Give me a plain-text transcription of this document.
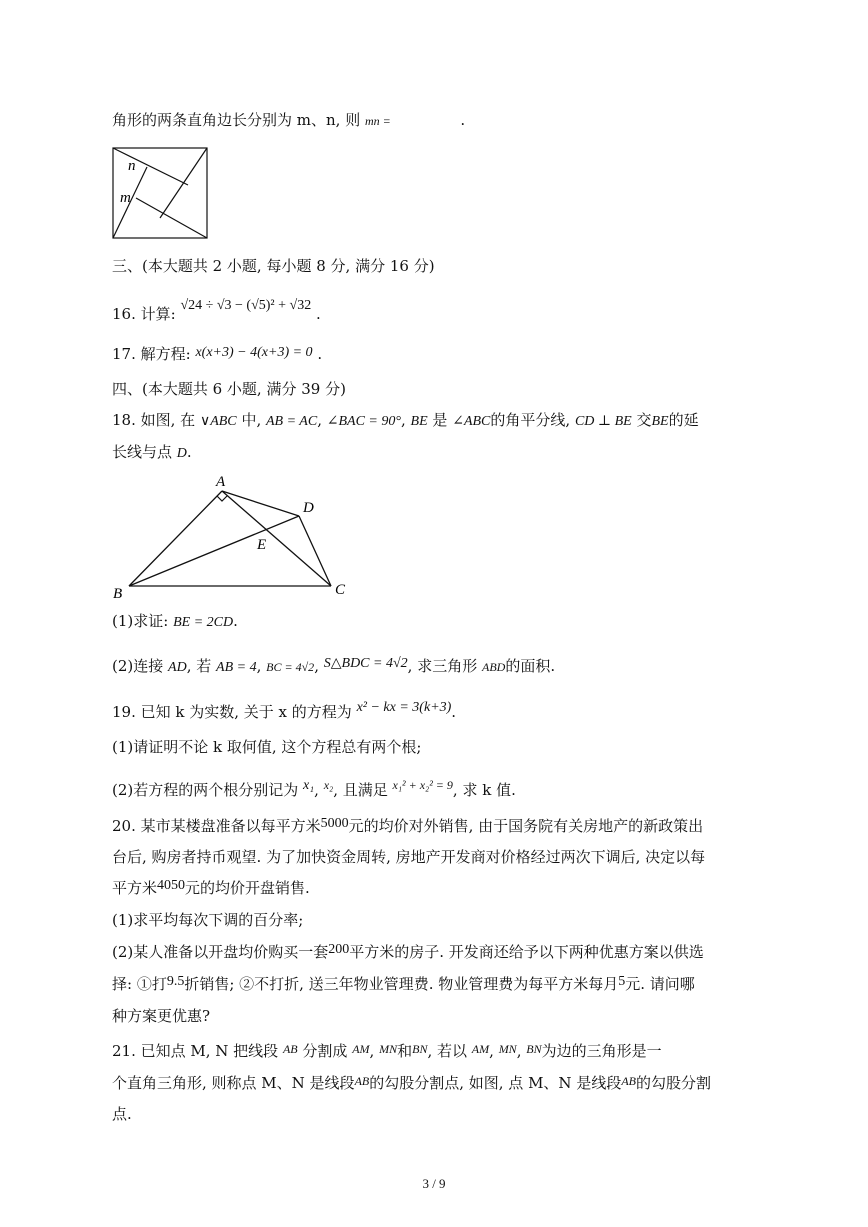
角形的两条直角边长分别为 m、n, 则 mn =	.
n
m
三、(本大题共 2 小题, 每小题 8 分, 满分 16 分)
16. 计算: √24 ÷ √3 − (√5)² + √32 .
17. 解方程: x(x+3) − 4(x+3) = 0 .
四、(本大题共 6 小题, 满分 39 分)
18. 如图, 在 ∨ABC 中, AB = AC, ∠BAC = 90°, BE 是 ∠ABC的角平分线, CD ⊥ BE 交BE的延
长线与点 D.
A
B	C
D
E
(1)求证: BE = 2CD.
(2)连接 AD, 若 AB = 4, BC = 4√2, S△BDC = 4√2, 求三角形 ABD的面积.
19. 已知 k 为实数, 关于 x 的方程为 x² − kx = 3(k+3).
(1)请证明不论 k 取何值, 这个方程总有两个根;
(2)若方程的两个根分别记为 x₁, $^{x_2}$, 且满足 $^{x_1^2 + x_2^2 = 9}$, 求 k 值.
20. 某市某楼盘准备以每平方米5000元的均价对外销售, 由于国务院有关房地产的新政策出
台后, 购房者持币观望. 为了加快资金周转, 房地产开发商对价格经过两次下调后, 决定以每
平方米4050元的均价开盘销售.
(1)求平均每次下调的百分率;
(2)某人准备以开盘均价购买一套200平方米的房子. 开发商还给予以下两种优惠方案以供选
择: ①打9.5折销售; ②不打折, 送三年物业管理费. 物业管理费为每平方米每月5元. 请问哪
种方案更优惠?
21. 已知点 M, N 把线段 $^{AB}$ 分割成 $^{AM}$, $^{MN}$和$^{BN}$, 若以 $^{AM}$, $^{MN}$, $^{BN}$为边的三角形是一
个直角三角形, 则称点 M、N 是线段$^{AB}$的勾股分割点, 如图, 点 M、N 是线段$^{AB}$的勾股分割
点.
3 / 9
